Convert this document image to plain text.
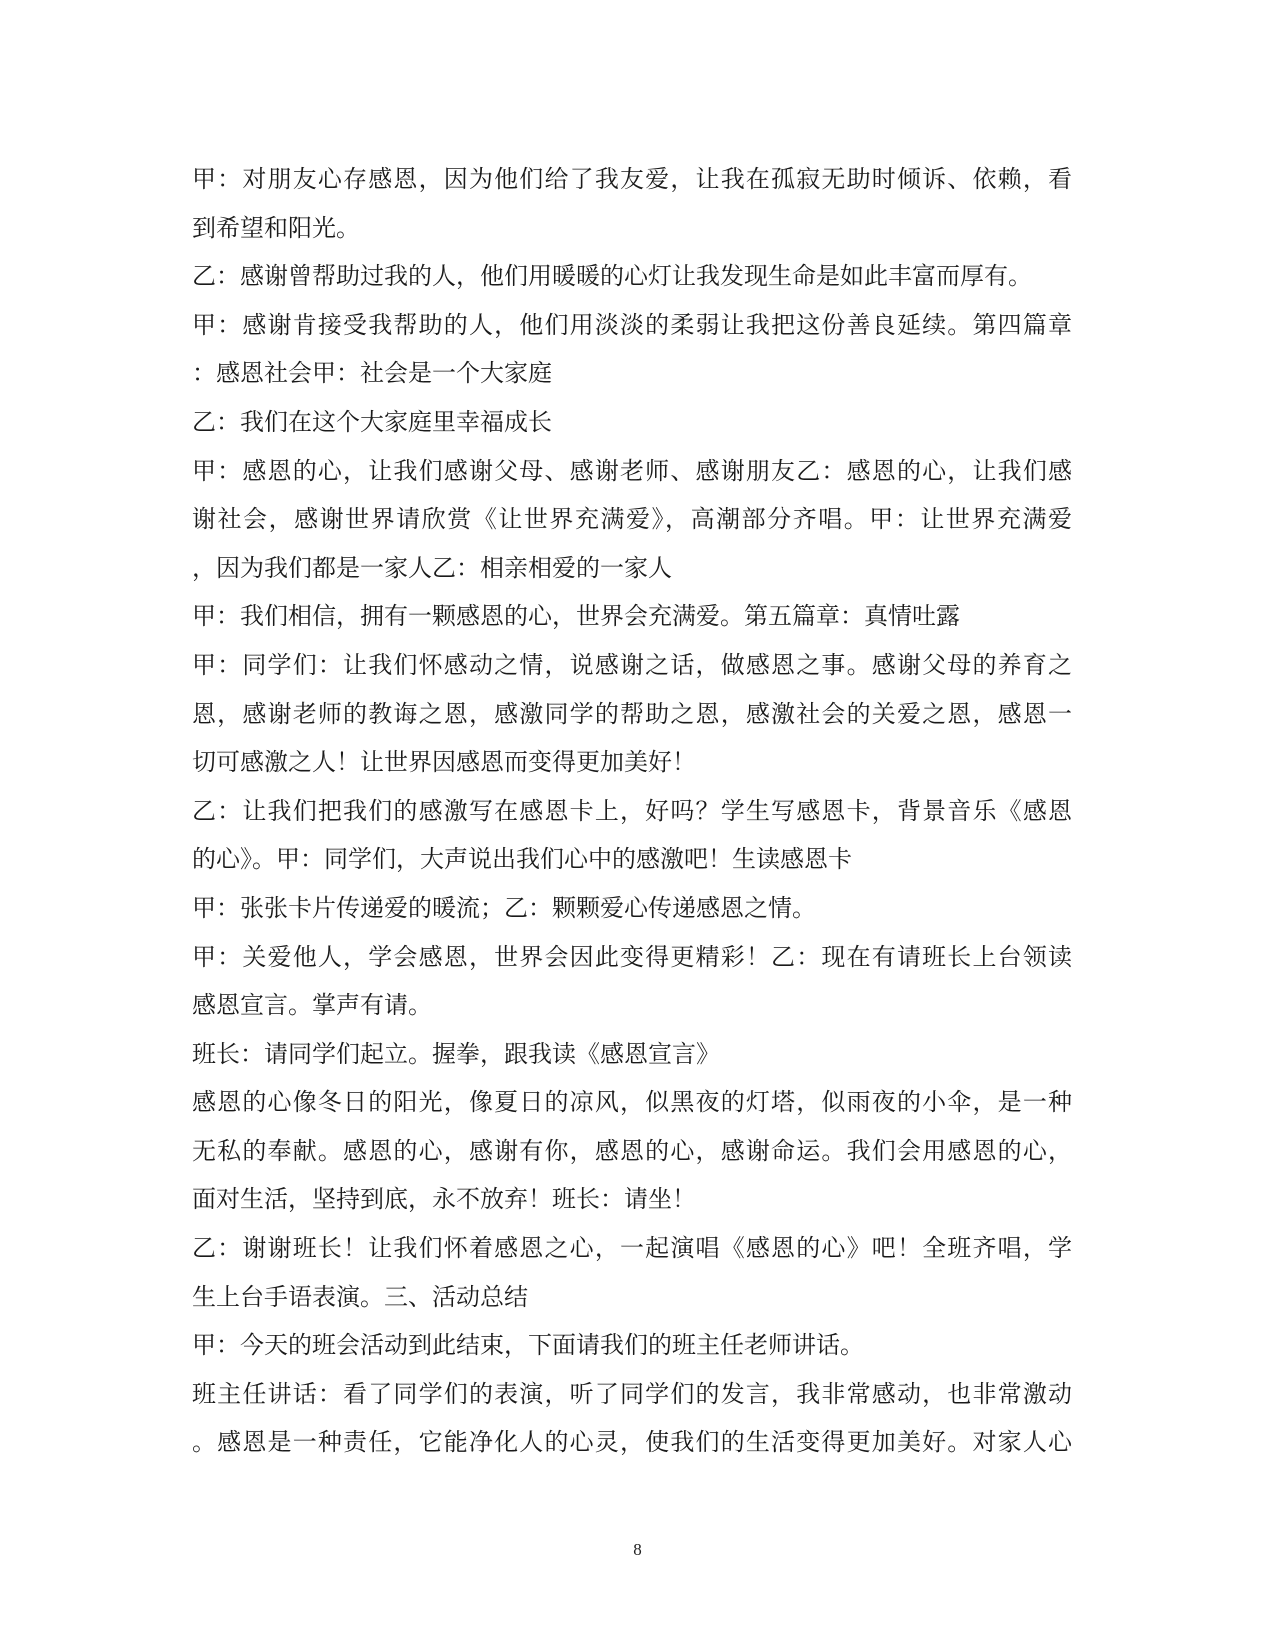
甲：对朋友心存感恩，因为他们给了我友爱，让我在孤寂无助时倾诉、依赖，看
到希望和阳光。
乙：感谢曾帮助过我的人，他们用暖暖的心灯让我发现生命是如此丰富而厚有。
甲：感谢肯接受我帮助的人，他们用淡淡的柔弱让我把这份善良延续。第四篇章
：感恩社会甲：社会是一个大家庭
乙：我们在这个大家庭里幸福成长
甲：感恩的心，让我们感谢父母、感谢老师、感谢朋友乙：感恩的心，让我们感
谢社会，感谢世界请欣赏《让世界充满爱》，高潮部分齐唱。甲：让世界充满爱
，因为我们都是一家人乙：相亲相爱的一家人
甲：我们相信，拥有一颗感恩的心，世界会充满爱。第五篇章：真情吐露
甲：同学们：让我们怀感动之情，说感谢之话，做感恩之事。感谢父母的养育之
恩，感谢老师的教诲之恩，感激同学的帮助之恩，感激社会的关爱之恩，感恩一
切可感激之人！让世界因感恩而变得更加美好！
乙：让我们把我们的感激写在感恩卡上，好吗？学生写感恩卡，背景音乐《感恩
的心》。甲：同学们，大声说出我们心中的感激吧！生读感恩卡
甲：张张卡片传递爱的暖流；乙：颗颗爱心传递感恩之情。
甲：关爱他人，学会感恩，世界会因此变得更精彩！乙：现在有请班长上台领读
感恩宣言。掌声有请。
班长：请同学们起立。握拳，跟我读《感恩宣言》
感恩的心像冬日的阳光，像夏日的凉风，似黑夜的灯塔，似雨夜的小伞，是一种
无私的奉献。感恩的心，感谢有你，感恩的心，感谢命运。我们会用感恩的心，
面对生活，坚持到底，永不放弃！班长：请坐！
乙：谢谢班长！让我们怀着感恩之心，一起演唱《感恩的心》吧！全班齐唱，学
生上台手语表演。三、活动总结
甲：今天的班会活动到此结束，下面请我们的班主任老师讲话。
班主任讲话：看了同学们的表演，听了同学们的发言，我非常感动，也非常激动
。感恩是一种责任，它能净化人的心灵，使我们的生活变得更加美好。对家人心
8
